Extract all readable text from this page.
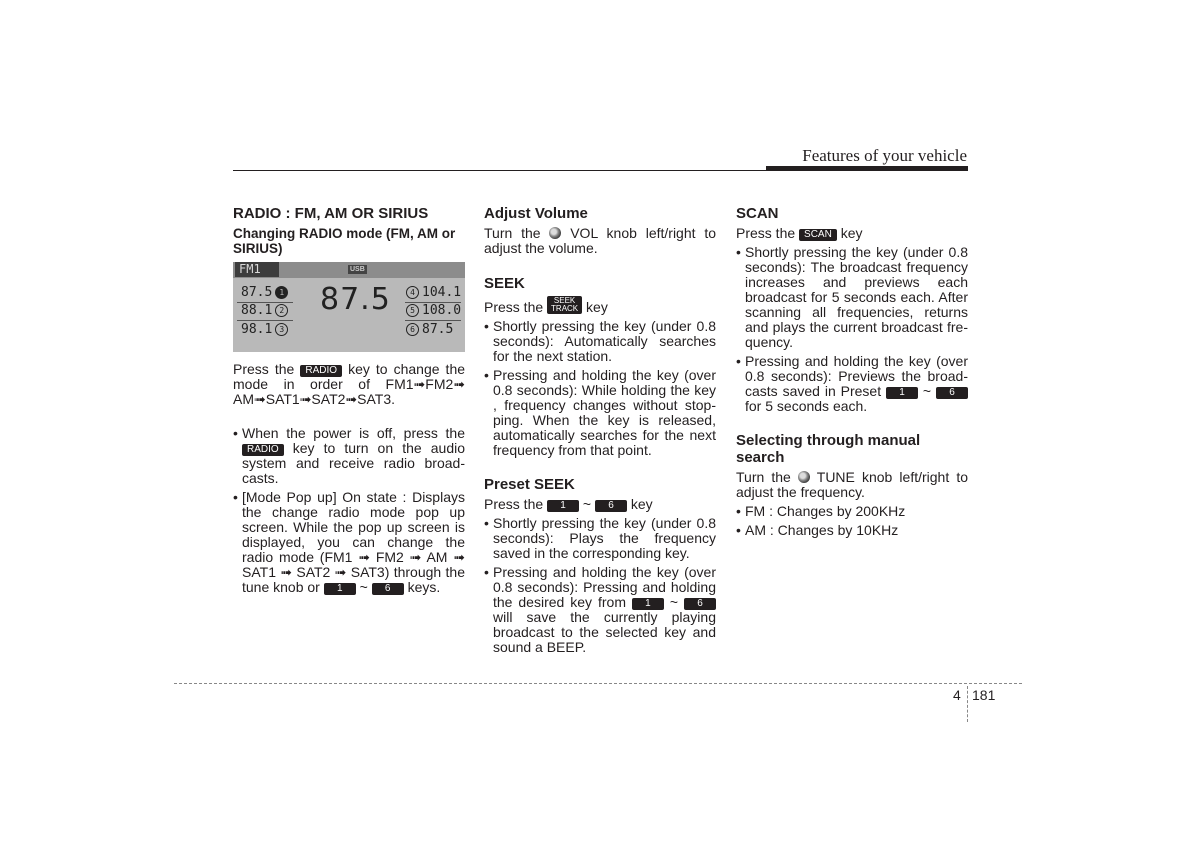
Features of your vehicle
RADIO : FM, AM OR SIRIUS
Changing RADIO mode (FM, AM or SIRIUS)
FM1	USB
87.5 1
88.1 2
98.1 3
87.5	4 104.1
5 108.0
6 87.5

Press the RADIO key to change the mode in order of FM1➟FM2➟ AM➟SAT1➟SAT2➟SAT3.

• When the power is off, press the RADIO key to turn on the audio system and receive radio broad-casts.
• [Mode Pop up] On state : Displays the change radio mode pop up screen. While the pop up screen is displayed, you can change the radio mode (FM1 ➟ FM2 ➟ AM ➟ SAT1 ➟ SAT2 ➟ SAT3) through the tune knob or 1 ~ 6 keys.
Adjust Volume

Turn the VOL knob left/right to adjust the volume.

SEEK

Press the SEEK
TRACK key

• Shortly pressing the key (under 0.8 seconds): Automatically searches for the next station.
• Pressing and holding the key (over 0.8 seconds): While holding the key , frequency changes without stop-ping. When the key is released, automatically searches for the next frequency from that point.
Preset SEEK

Press the 1 ~ 6 key

• Shortly pressing the key (under 0.8 seconds): Plays the frequency saved in the corresponding key.
• Pressing and holding the key (over 0.8 seconds): Pressing and holding the desired key from 1 ~ 6 will save the currently playing broadcast to the selected key and sound a BEEP.
SCAN

Press the SCAN key

• Shortly pressing the key (under 0.8 seconds): The broadcast frequency increases and previews each broadcast for 5 seconds each. After scanning all frequencies, returns and plays the current broadcast fre-quency.
• Pressing and holding the key (over 0.8 seconds): Previews the broad-casts saved in Preset 1 ~ 6 for 5 seconds each.
Selecting through manual search

Turn the TUNE knob left/right to adjust the frequency.

• FM : Changes by 200KHz
• AM : Changes by 10KHz
4 181
